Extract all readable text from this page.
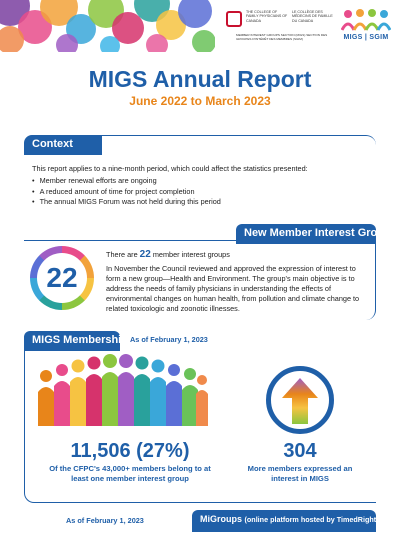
THE COLLEGE OF FAMILY PHYSICIANS OF CANADA
LE COLLÈGE DES MÉDECINS DE FAMILLE DU CANADA
MEMBER INTEREST GROUPS SECTION (MIGS) SECTION DES GROUPES D'INTÉRÊT DES MEMBRES (SGIM)	MIGS | SGIM
MIGS Annual Report
June 2022 to March 2023
Context
This report applies to a nine-month period, which could affect the statistics presented:
• Member renewal efforts are ongoing
• A reduced amount of time for project completion
• The annual MIGS Forum was not held during this period
New Member Interest Group
22
There are 22 member interest groups
In November the Council reviewed and approved the expression of interest to form a new group—Health and Environment. The group's main objective is to address the needs of family physicians in understanding the effects of environmental changes on human health, from pollution and climate change to related toxicologic and zoonotic illnesses.
MIGS Membership As of February 1, 2023
11,506 (27%)
Of the CFPC's 43,000+ members belong to at least one member interest group
304
More members expressed an interest in MIGS
As of February 1, 2023	MiGroups (online platform hosted by TimedRight)
